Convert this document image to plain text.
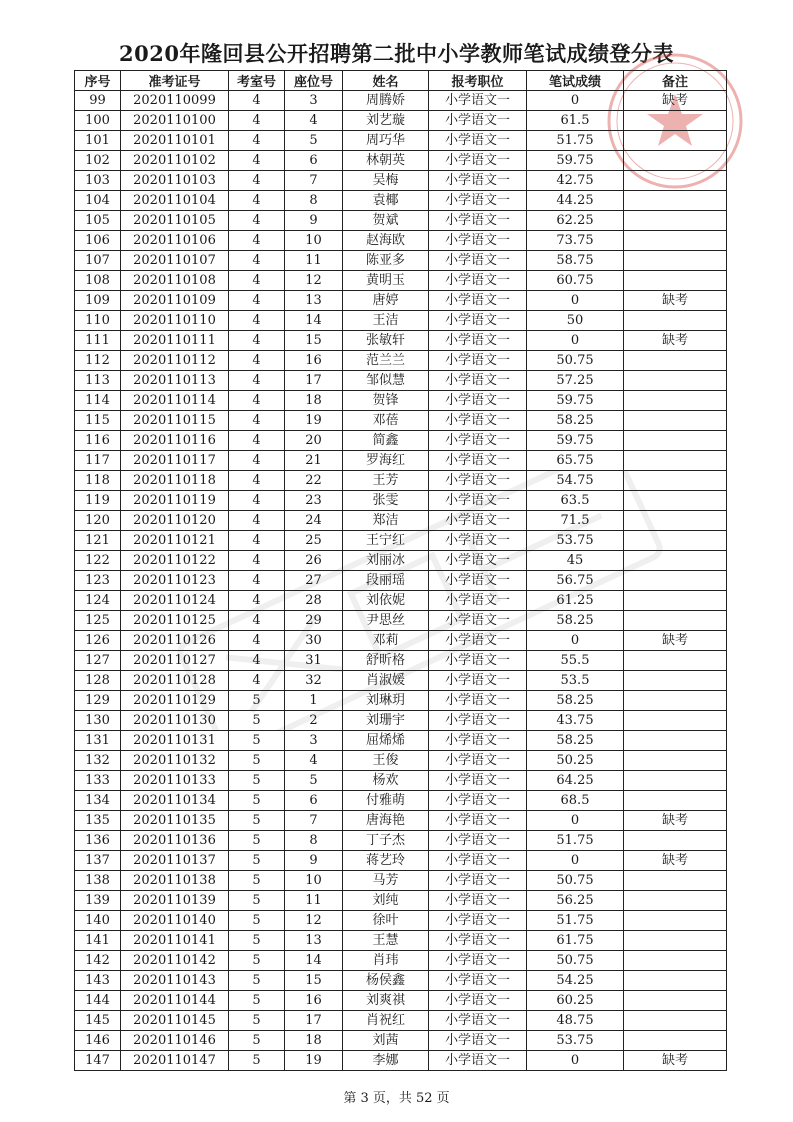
2020年隆回县公开招聘第二批中小学教师笔试成绩登分表
序号	准考证号	考室号	座位号	姓名	报考职位	笔试成绩	备注
99	2020110099	4	3	周腾娇	小学语文一	0	缺考
100	2020110100	4	4	刘艺璇	小学语文一	61.5	
101	2020110101	4	5	周巧华	小学语文一	51.75	
102	2020110102	4	6	林朝英	小学语文一	59.75	
103	2020110103	4	7	吴梅	小学语文一	42.75	
104	2020110104	4	8	袁椰	小学语文一	44.25	
105	2020110105	4	9	贺斌	小学语文一	62.25	
106	2020110106	4	10	赵海欧	小学语文一	73.75	
107	2020110107	4	11	陈亚多	小学语文一	58.75	
108	2020110108	4	12	黄明玉	小学语文一	60.75	
109	2020110109	4	13	唐婷	小学语文一	0	缺考
110	2020110110	4	14	王洁	小学语文一	50	
111	2020110111	4	15	张敏轩	小学语文一	0	缺考
112	2020110112	4	16	范兰兰	小学语文一	50.75	
113	2020110113	4	17	邹似慧	小学语文一	57.25	
114	2020110114	4	18	贺锋	小学语文一	59.75	
115	2020110115	4	19	邓蓓	小学语文一	58.25	
116	2020110116	4	20	简鑫	小学语文一	59.75	
117	2020110117	4	21	罗海红	小学语文一	65.75	
118	2020110118	4	22	王芳	小学语文一	54.75	
119	2020110119	4	23	张雯	小学语文一	63.5	
120	2020110120	4	24	郑洁	小学语文一	71.5	
121	2020110121	4	25	王宁红	小学语文一	53.75	
122	2020110122	4	26	刘丽冰	小学语文一	45	
123	2020110123	4	27	段丽瑶	小学语文一	56.75	
124	2020110124	4	28	刘依妮	小学语文一	61.25	
125	2020110125	4	29	尹思丝	小学语文一	58.25	
126	2020110126	4	30	邓莉	小学语文一	0	缺考
127	2020110127	4	31	舒昕格	小学语文一	55.5	
128	2020110128	4	32	肖淑媛	小学语文一	53.5	
129	2020110129	5	1	刘琳玥	小学语文一	58.25	
130	2020110130	5	2	刘珊宇	小学语文一	43.75	
131	2020110131	5	3	屈烯烯	小学语文一	58.25	
132	2020110132	5	4	王俊	小学语文一	50.25	
133	2020110133	5	5	杨欢	小学语文一	64.25	
134	2020110134	5	6	付雅萌	小学语文一	68.5	
135	2020110135	5	7	唐海艳	小学语文一	0	缺考
136	2020110136	5	8	丁子杰	小学语文一	51.75	
137	2020110137	5	9	蒋艺玲	小学语文一	0	缺考
138	2020110138	5	10	马芳	小学语文一	50.75	
139	2020110139	5	11	刘纯	小学语文一	56.25	
140	2020110140	5	12	徐叶	小学语文一	51.75	
141	2020110141	5	13	王慧	小学语文一	61.75	
142	2020110142	5	14	肖玮	小学语文一	50.75	
143	2020110143	5	15	杨侯鑫	小学语文一	54.25	
144	2020110144	5	16	刘爽祺	小学语文一	60.25	
145	2020110145	5	17	肖祝红	小学语文一	48.75	
146	2020110146	5	18	刘茜	小学语文一	53.75	
147	2020110147	5	19	李娜	小学语文一	0	缺考
第 3 页，共 52 页
